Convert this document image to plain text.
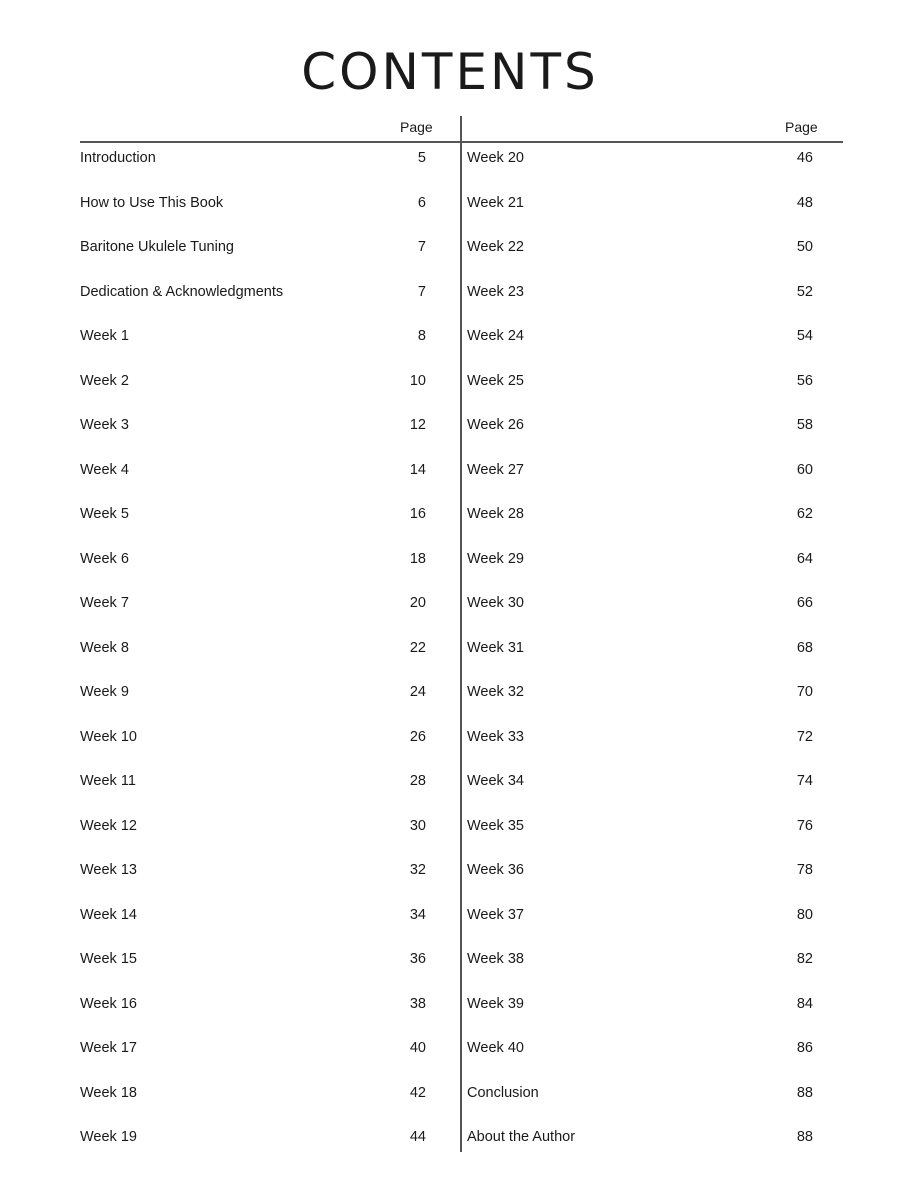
CONTENTS
Page	Page
Introduction	5
How to Use This Book	6
Baritone Ukulele Tuning	7
Dedication & Acknowledgments	7
Week 1	8
Week 2	10
Week 3	12
Week 4	14
Week 5	16
Week 6	18
Week 7	20
Week 8	22
Week 9	24
Week 10	26
Week 11	28
Week 12	30
Week 13	32
Week 14	34
Week 15	36
Week 16	38
Week 17	40
Week 18	42
Week 19	44
Week 20	46
Week 21	48
Week 22	50
Week 23	52
Week 24	54
Week 25	56
Week 26	58
Week 27	60
Week 28	62
Week 29	64
Week 30	66
Week 31	68
Week 32	70
Week 33	72
Week 34	74
Week 35	76
Week 36	78
Week 37	80
Week 38	82
Week 39	84
Week 40	86
Conclusion	88
About the Author	88
